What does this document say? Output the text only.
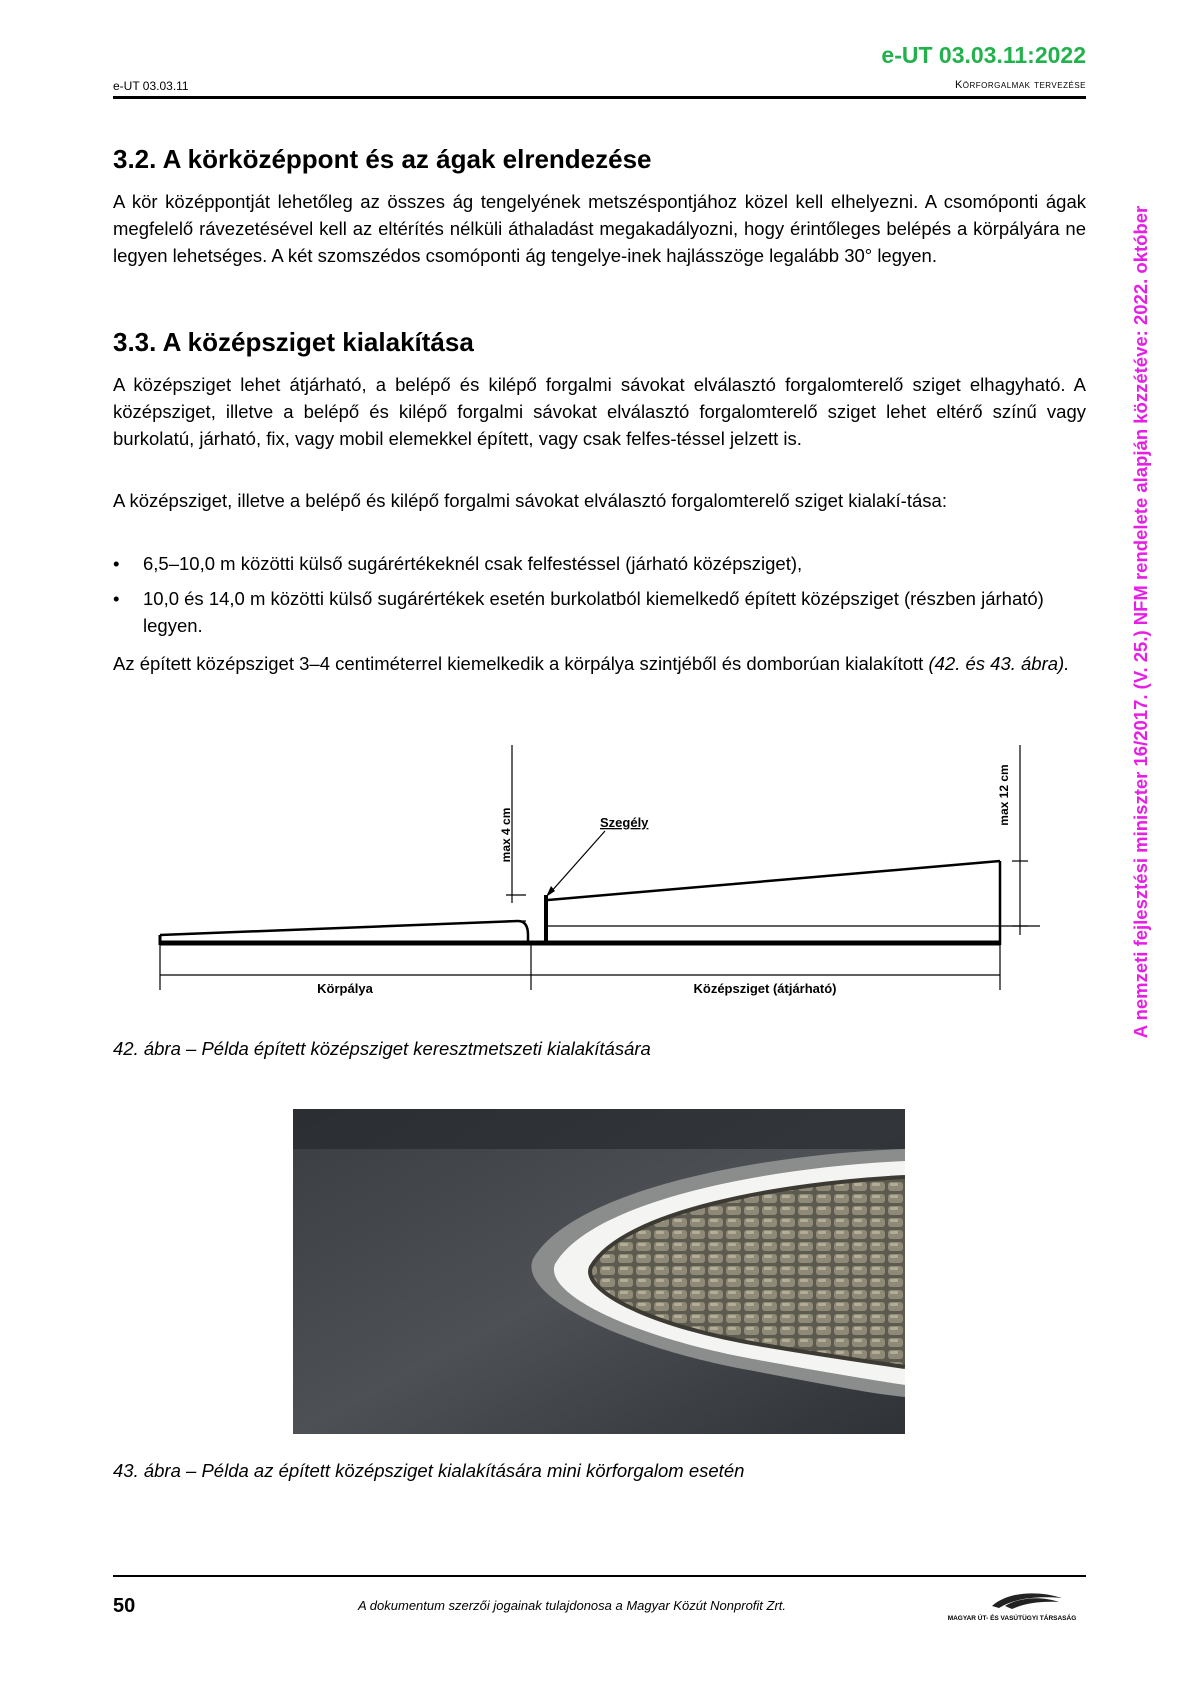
e-UT 03.03.11:2022
e-UT 03.03.11	Körforgalmak tervezése
3.2. A körközéppont és az ágak elrendezése
A kör középpontját lehetőleg az összes ág tengelyének metszéspontjához közel kell elhelyezni. A csomóponti ágak megfelelő rávezetésével kell az eltérítés nélküli áthaladást megakadályozni, hogy érintőleges belépés a körpályára ne legyen lehetséges. A két szomszédos csomóponti ág tengelye-inek hajlásszöge legalább 30° legyen.
3.3. A középsziget kialakítása
A középsziget lehet átjárható, a belépő és kilépő forgalmi sávokat elválasztó forgalomterelő sziget elhagyható. A középsziget, illetve a belépő és kilépő forgalmi sávokat elválasztó forgalomterelő sziget lehet eltérő színű vagy burkolatú, járható, fix, vagy mobil elemekkel épített, vagy csak felfes-téssel jelzett is.
A középsziget, illetve a belépő és kilépő forgalmi sávokat elválasztó forgalomterelő sziget kialakí-tása:
• 6,5–10,0 m közötti külső sugárértékeknél csak felfestéssel (járható középsziget),
• 10,0 és 14,0 m közötti külső sugárértékek esetén burkolatból kiemelkedő épített középsziget (részben járható) legyen.
Az épített középsziget 3–4 centiméterrel kiemelkedik a körpálya szintjéből és domborúan kialakított (42. és 43. ábra).
max 4 cm
max 12 cm
Szegély
Körpálya	Középsziget (átjárható)
42. ábra – Példa épített középsziget keresztmetszeti kialakítására
43. ábra – Példa az épített középsziget kialakítására mini körforgalom esetén
A nemzeti fejlesztési miniszter 16/2017. (V. 25.) NFM rendelete alapján közzétéve: 2022. október
50	A dokumentum szerzői jogainak tulajdonosa a Magyar Közút Nonprofit Zrt.
MAGYAR ÚT- ÉS VASÚTÜGYI TÁRSASÁG
